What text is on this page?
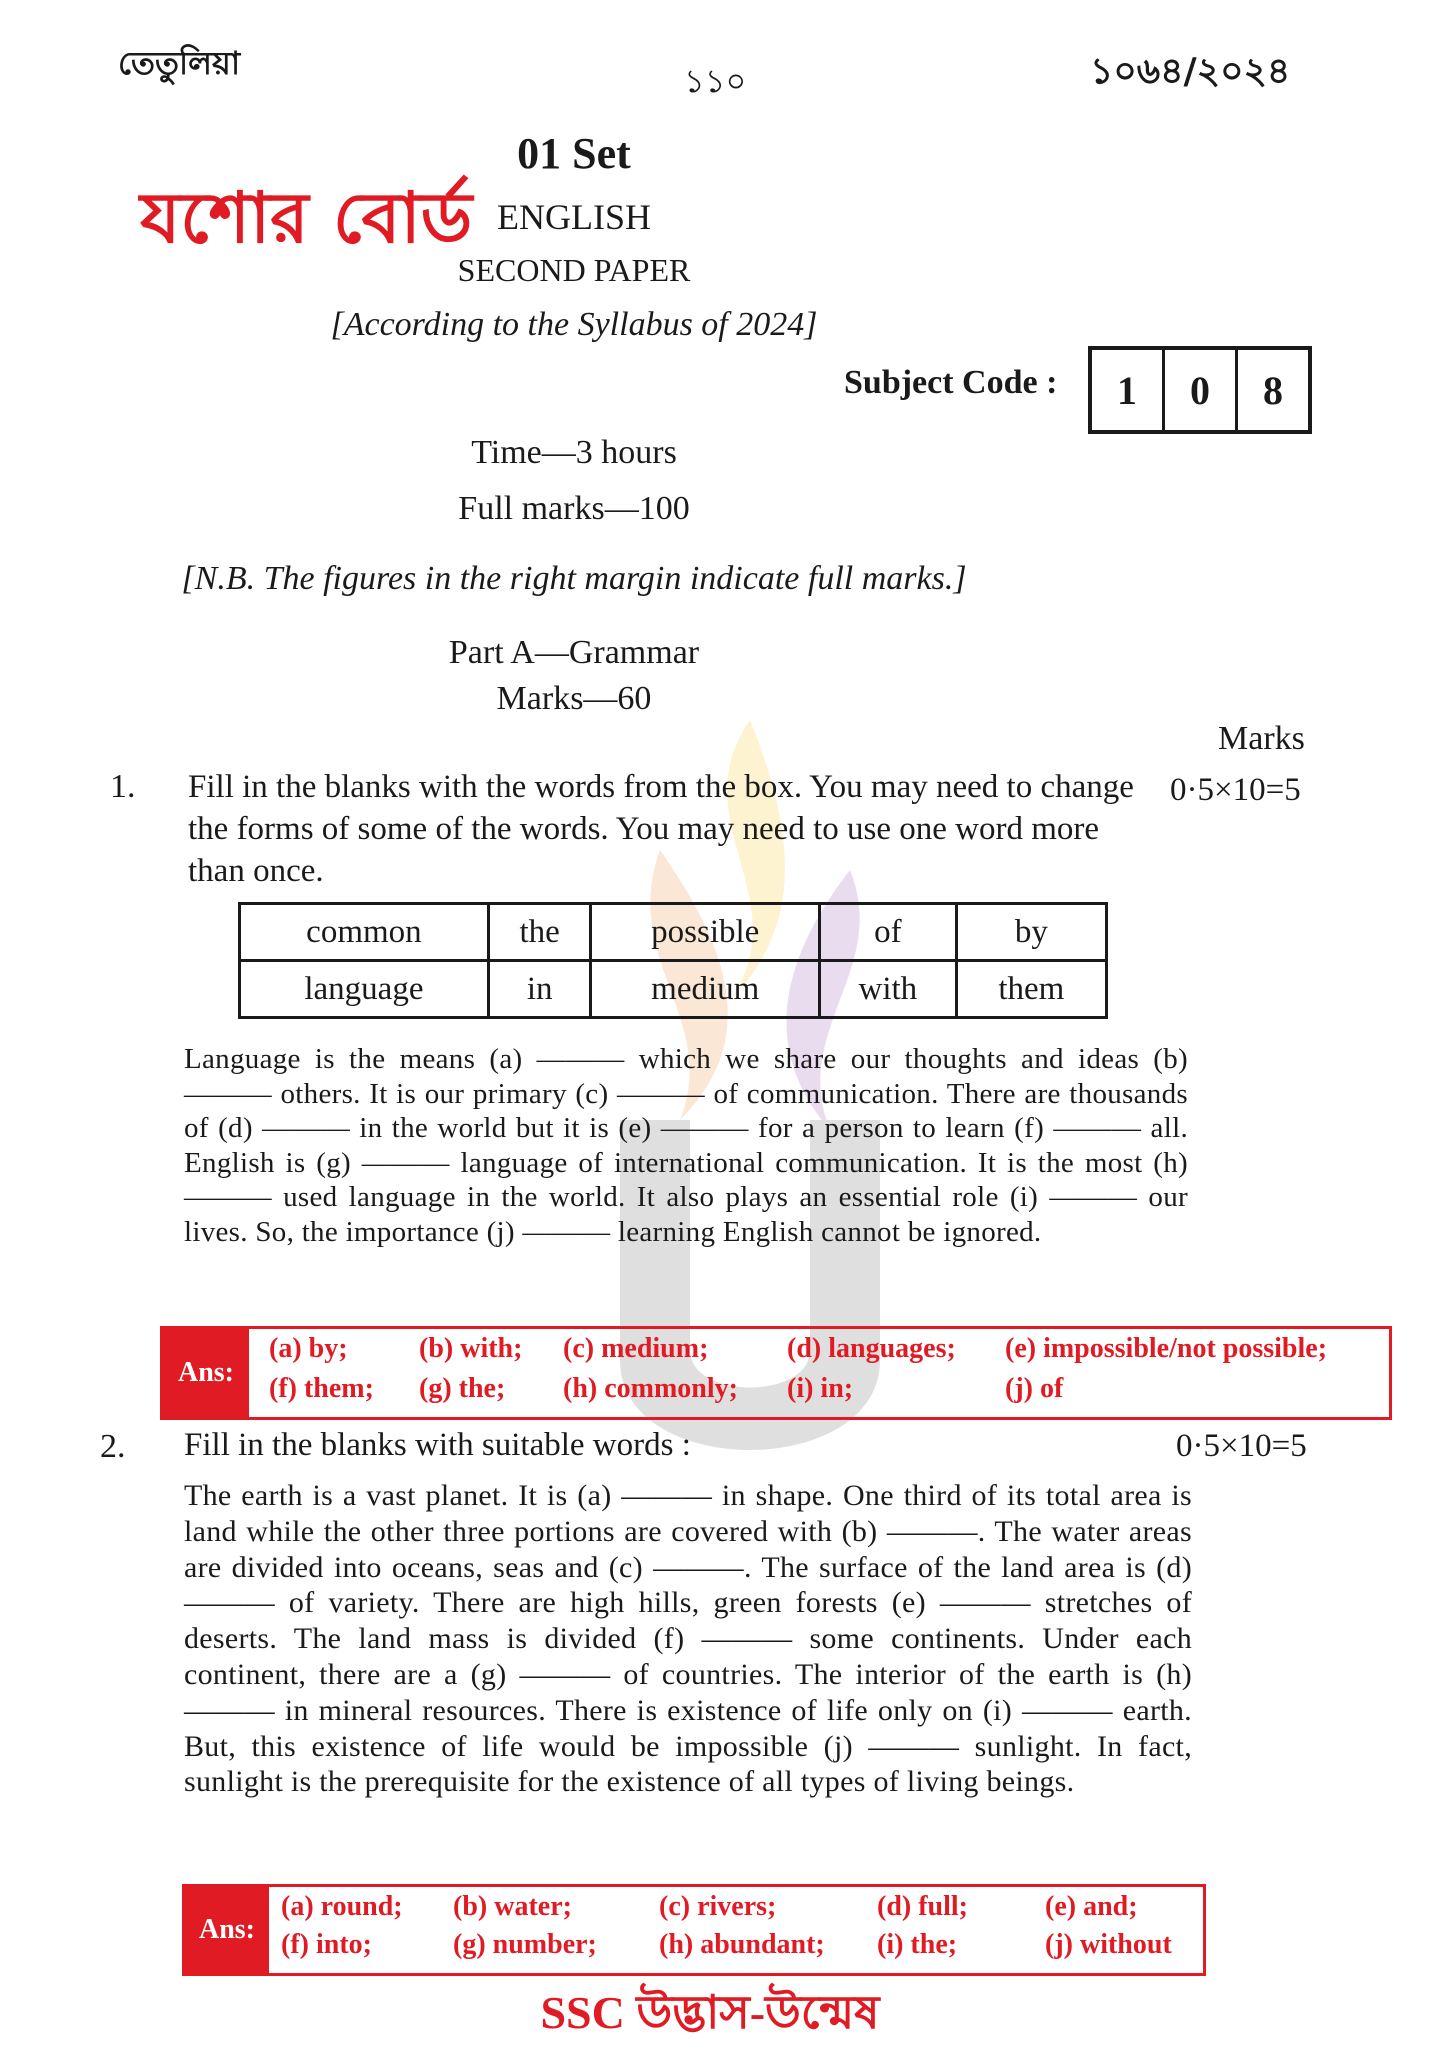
তেতুলিয়া	১১০	১০৬৪/২০২৪
যশোর বোর্ড
01 Set
ENGLISH
SECOND PAPER
[According to the Syllabus of 2024]
Subject Code :	1	0	8
Time—3 hours
Full marks—100
[N.B. The figures in the right margin indicate full marks.]
Part A—Grammar
Marks—60
Marks
1. Fill in the blanks with the words from the box. You may need to change the forms of some of the words. You may need to use one word more than once.
0·5×10=5
common	the	possible	of	by
language	in	medium	with	them
Language is the means (a) ——— which we share our thoughts and ideas (b) ——— others. It is our primary (c) ——— of communication. There are thousands of (d) ——— in the world but it is (e) ——— for a person to learn (f) ——— all. English is (g) ——— language of international communication. It is the most (h) ——— used language in the world. It also plays an essential role (i) ——— our lives. So, the importance (j) ——— learning English cannot be ignored.
Ans:
(a) by;	(b) with; (c) medium;	(d) languages; (e) impossible/not possible;
(f) them; (g) the; (h) commonly; (i) in;	(j) of
2. Fill in the blanks with suitable words :	0·5×10=5
The earth is a vast planet. It is (a) ——— in shape. One third of its total area is land while the other three portions are covered with (b) ———. The water areas are divided into oceans, seas and (c) ———. The surface of the land area is (d) ——— of variety. There are high hills, green forests (e) ——— stretches of deserts. The land mass is divided (f) ——— some continents. Under each continent, there are a (g) ——— of countries. The interior of the earth is (h) ——— in mineral resources. There is existence of life only on (i) ——— earth. But, this existence of life would be impossible (j) ——— sunlight. In fact, sunlight is the prerequisite for the existence of all types of living beings.
Ans:
(a) round; (b) water;	(c) rivers;	(d) full;	(e) and;
(f) into;	(g) number; (h) abundant; (i) the;	(j) without
SSC উদ্ভাস-উন্মেষ
